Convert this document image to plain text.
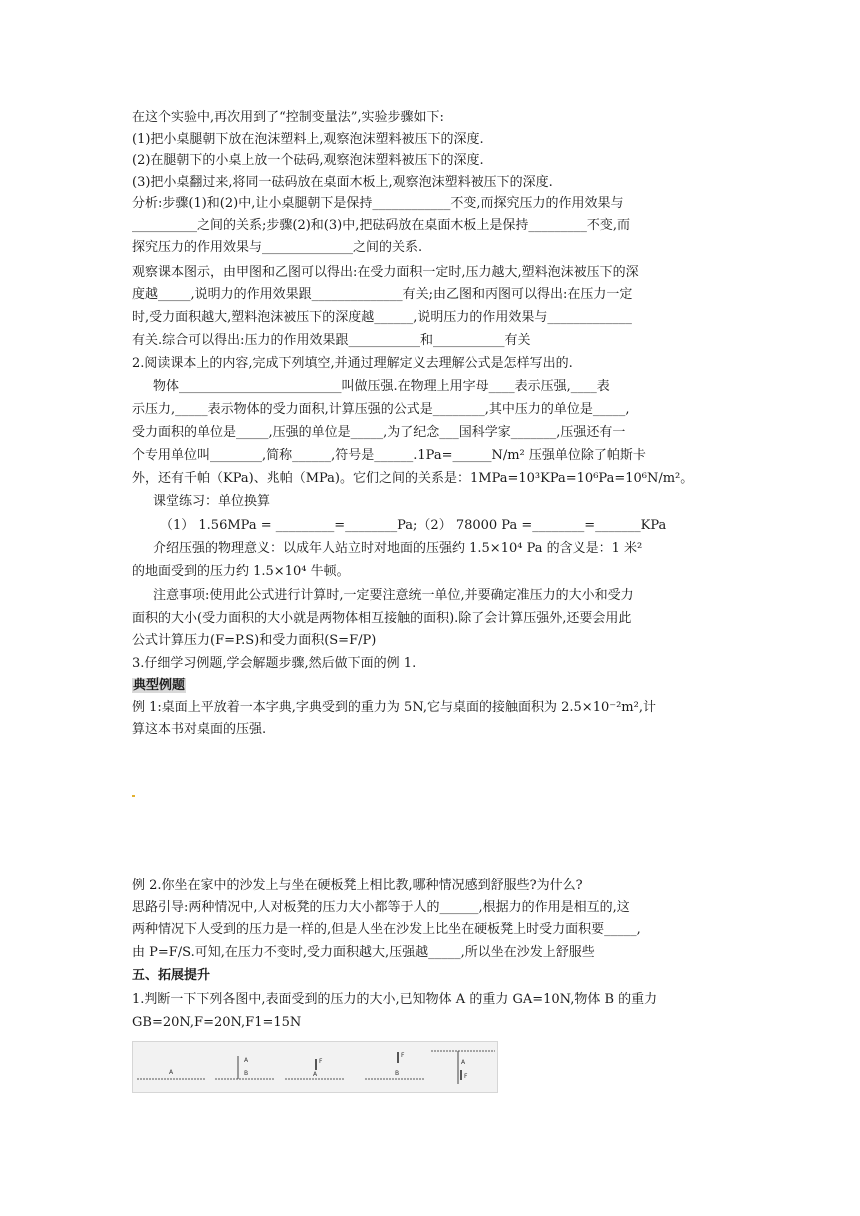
在这个实验中,再次用到了“控制变量法”,实验步骤如下:
(1)把小桌腿朝下放在泡沫塑料上,观察泡沫塑料被压下的深度.
(2)在腿朝下的小桌上放一个砝码,观察泡沫塑料被压下的深度.
(3)把小桌翻过来,将同一砝码放在桌面木板上,观察泡沫塑料被压下的深度.
分析:步骤(1)和(2)中,让小桌腿朝下是保持____________不变,而探究压力的作用效果与
__________之间的关系;步骤(2)和(3)中,把砝码放在桌面木板上是保持_________不变,而
探究压力的作用效果与______________之间的关系.
观察课本图示，由甲图和乙图可以得出:在受力面积一定时,压力越大,塑料泡沫被压下的深
度越_____,说明力的作用效果跟______________有关;由乙图和丙图可以得出:在压力一定
时,受力面积越大,塑料泡沫被压下的深度越______,说明压力的作用效果与_____________
有关.综合可以得出:压力的作用效果跟___________和___________有关
2.阅读课本上的内容,完成下列填空,并通过理解定义去理解公式是怎样写出的.
物体_________________________叫做压强.在物理上用字母____表示压强,____表
示压力,_____表示物体的受力面积,计算压强的公式是________,其中压力的单位是_____,
受力面积的单位是_____,压强的单位是_____,为了纪念___国科学家_______,压强还有一
个专用单位叫________,简称______,符号是______.1Pa=______N/m² 压强单位除了帕斯卡
外，还有千帕（KPa)、兆帕（MPa)。它们之间的关系是：1MPa=10³KPa=10⁶Pa=10⁶N/m²。
课堂练习：单位换算
（1） 1.56MPa = _________=________Pa;（2） 78000 Pa =________=_______KPa
介绍压强的物理意义：以成年人站立时对地面的压强约 1.5×10⁴ Pa 的含义是：1 米²
的地面受到的压力约 1.5×10⁴ 牛顿。
注意事项:使用此公式进行计算时,一定要注意统一单位,并要确定准压力的大小和受力
面积的大小(受力面积的大小就是两物体相互接触的面积).除了会计算压强外,还要会用此
公式计算压力(F=P.S)和受力面积(S=F/P)
3.仔细学习例题,学会解题步骤,然后做下面的例 1.
典型例题
例 1:桌面上平放着一本字典,字典受到的重力为 5N,它与桌面的接触面积为 2.5×10⁻²m²,计
算这本书对桌面的压强.
例 2.你坐在家中的沙发上与坐在硬板凳上相比教,哪种情况感到舒服些?为什么?
思路引导:两种情况中,人对板凳的压力大小都等于人的______,根据力的作用是相互的,这
两种情况下人受到的压力是一样的,但是人坐在沙发上比坐在硬板凳上时受力面积要_____,
由 P=F/S.可知,在压力不变时,受力面积越大,压强越_____,所以坐在沙发上舒服些
五、拓展提升
1.判断一下下列各图中,表面受到的压力的大小,已知物体 A 的重力 GA=10N,物体 B 的重力
GB=20N,F=20N,F1=15N
A
A
B
F
A
F
B
A
F
